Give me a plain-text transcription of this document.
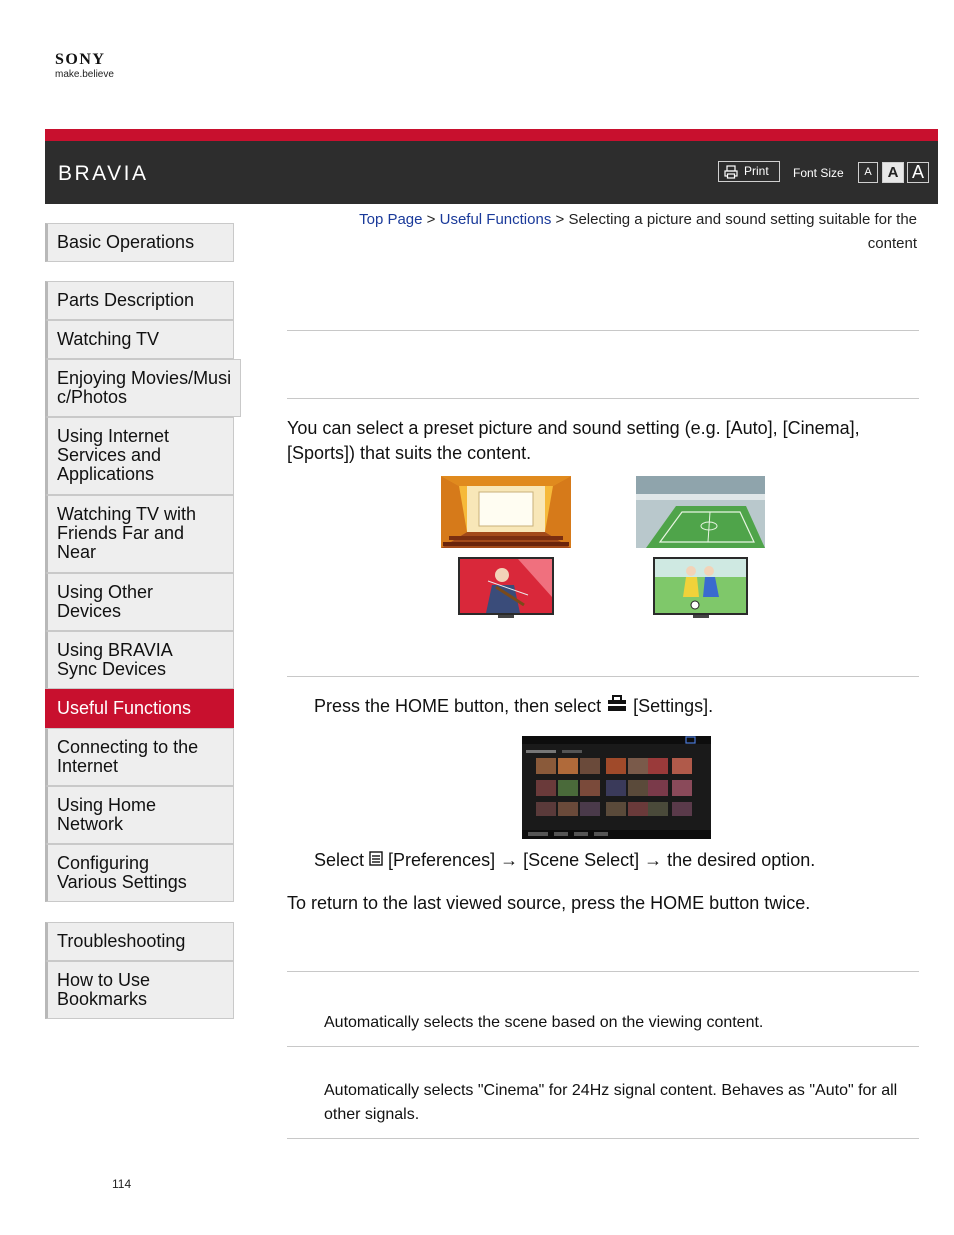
SONY
make.believe
BRAVIA	Print Font Size	A	A A
Top Page > Useful Functions > Selecting a picture and sound setting suitable for the content
Basic Operations
Parts Description
Watching TV
Enjoying Movies/Music/Photos
Using Internet Services and Applications
Watching TV with Friends Far and Near
Using Other Devices
Using BRAVIA Sync Devices
Useful Functions
Connecting to the Internet
Using Home Network
Configuring Various Settings
Troubleshooting
How to Use Bookmarks
You can select a preset picture and sound setting (e.g. [Auto], [Cinema], [Sports]) that suits the content.
Press the HOME button, then select [Settings].
Select [Preferences] → [Scene Select] → the desired option.
To return to the last viewed source, press the HOME button twice.
Automatically selects the scene based on the viewing content.
Automatically selects "Cinema" for 24Hz signal content. Behaves as "Auto" for all other signals.
114
